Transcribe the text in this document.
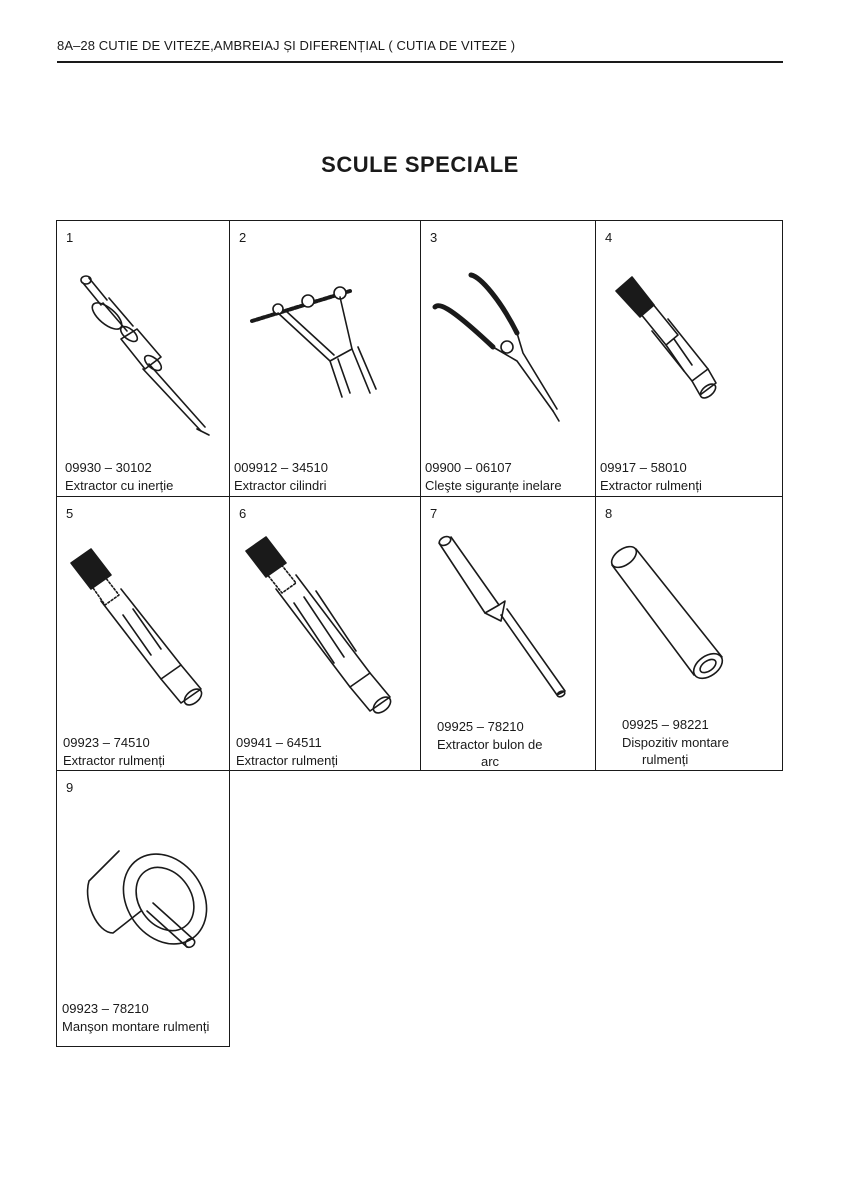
8A–28 CUTIE DE VITEZE,AMBREIAJ ȘI DIFERENȚIAL ( CUTIA DE VITEZE )
SCULE SPECIALE
1
09930 – 30102
Extractor cu inerție
2
009912 – 34510
Extractor cilindri
3
09900 – 06107
Cleşte siguranțe inelare
4
09917 – 58010
Extractor rulmenți
5
09923 – 74510
Extractor rulmenți
6
09941 – 64511
Extractor rulmenți
7
09925 – 78210
Extractor bulon de
arc
8
09925 – 98221
Dispozitiv montare
rulmenți
9
09923 – 78210
Manşon montare rulmenți
